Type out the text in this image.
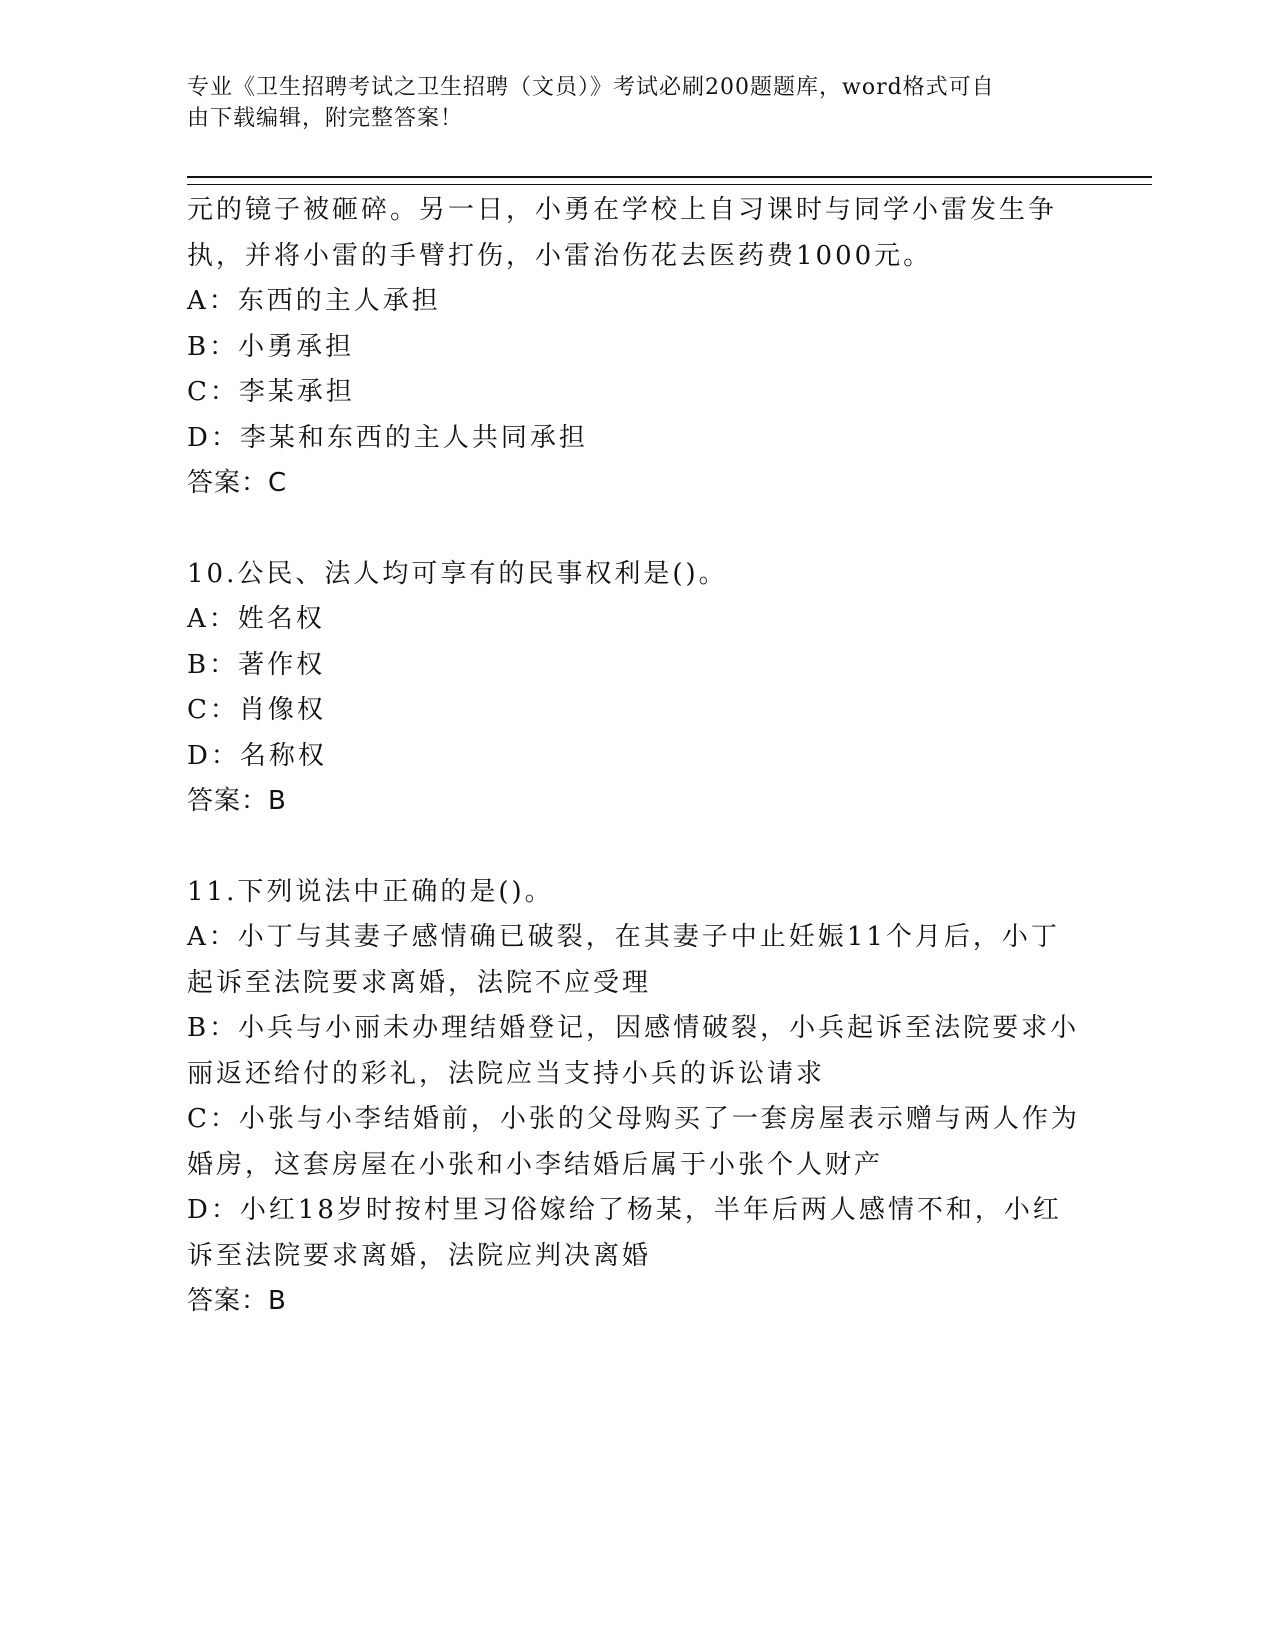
专业《卫生招聘考试之卫生招聘（文员）》考试必刷200题题库，word格式可自
由下载编辑，附完整答案！
元的镜子被砸碎。另一日，小勇在学校上自习课时与同学小雷发生争
执，并将小雷的手臂打伤，小雷治伤花去医药费1000元。
A：东西的主人承担
B：小勇承担
C：李某承担
D：李某和东西的主人共同承担
答案：C
10.公民、法人均可享有的民事权利是()。
A：姓名权
B：著作权
C：肖像权
D：名称权
答案：B
11.下列说法中正确的是()。
A：小丁与其妻子感情确已破裂，在其妻子中止妊娠11个月后，小丁
起诉至法院要求离婚，法院不应受理
B：小兵与小丽未办理结婚登记，因感情破裂，小兵起诉至法院要求小
丽返还给付的彩礼，法院应当支持小兵的诉讼请求
C：小张与小李结婚前，小张的父母购买了一套房屋表示赠与两人作为
婚房，这套房屋在小张和小李结婚后属于小张个人财产
D：小红18岁时按村里习俗嫁给了杨某，半年后两人感情不和，小红
诉至法院要求离婚，法院应判决离婚
答案：B
